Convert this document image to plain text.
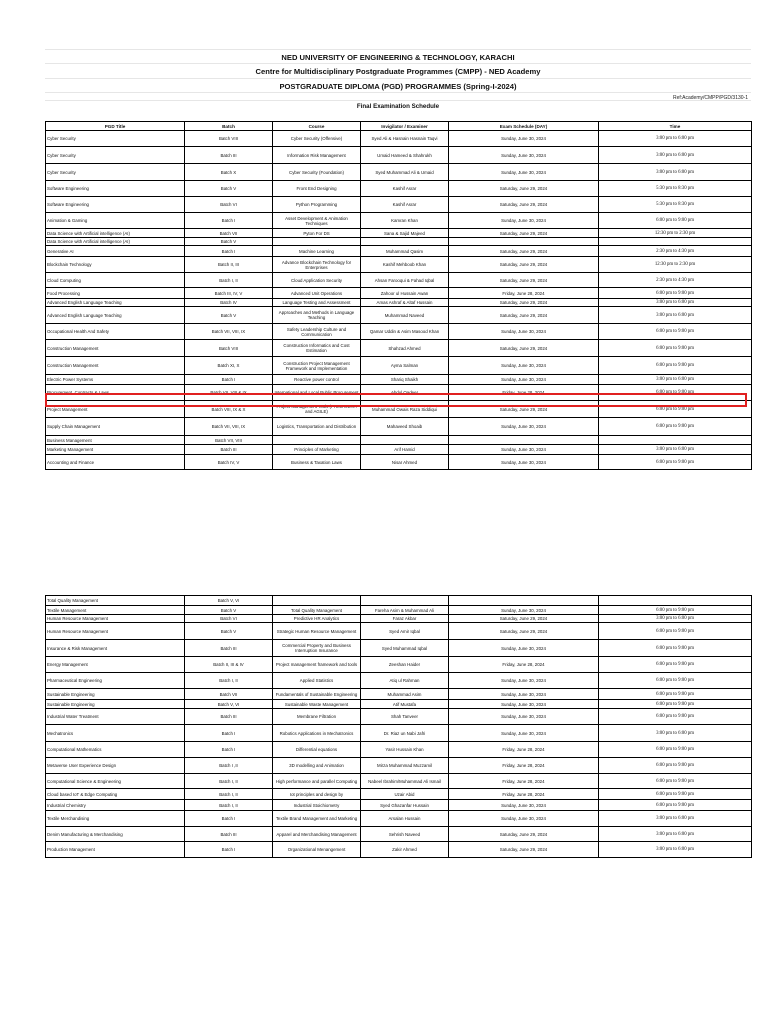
NED UNIVERSITY OF ENGINEERING & TECHNOLOGY, KARACHI
Centre for Multidisciplinary Postgraduate Programmes (CMPP) - NED Academy
POSTGRADUATE DIPLOMA (PGD) PROGRAMMES (Spring-I-2024)
Ref:Academy/CMPP/PGD/3130-1
Final Examination Schedule
PGD Title	Batch	Course	Invigilator / Examiner	Exam Schedule (DAY)	Time
Cyber Security	Batch VIII	Cyber Security (Offensive)	Syed Ali & Hasnain Hasnain Taqvi	Sunday, June 30, 2024	3:00 pm to 6:00 pm
Cyber Security	Batch III	Information Risk Management	Umaid Hameed & Shahrukh	Sunday, June 30, 2024	3:00 pm to 6:00 pm
Cyber Security	Batch X	Cyber Security (Foundation)	Syed Muhammad Ali & Umaid	Sunday, June 30, 2024	3:00 pm to 6:00 pm
Software Engineering	Batch V	Front End Designing	Kashif Asrar	Saturday, June 29, 2024	5:30 pm to 8:30 pm
Software Engineering	Batch VI	Python Programming	Kashif Asrar	Saturday, June 29, 2024	5:30 pm to 8:30 pm
Animation & Gaming	Batch I	Asset Development & Animation Techniques	Kamran Khan	Sunday, June 30, 2024	6:00 pm to 9:00 pm
Data Science with Artificial intelligence (AI)	Batch VII	Pyton For DS	Sana & Sajid Majeed	Saturday, June 29, 2024	12:30 pm to 2:30 pm
Data Science with Artificial intelligence (AI)	Batch V				
Generative AI	Batch I	Machine Learning	Muhammad Qasim	Saturday, June 29, 2024	2:30 pm to 4:30 pm
Blockchain Technology	Batch II, III	Advance Blockchain Technology for Enterprises	Kashif Mehboob Khan	Saturday, June 29, 2024	12:30 pm to 2:30 pm
Cloud Computing	Batch I, II	Cloud Application Security	Ahsan Farooqui & Fahad Iqbal	Saturday, June 29, 2024	2:30 pm to 4:30 pm
Food Processing	Batch III, IV, V	Advanced Unit Operations	Zahoor ul Hussain Awan	Friday, June 28, 2024	6:00 pm to 9:00 pm
Advanced English Language Teaching	Batch IV	Language Testing and Assessment	Amas Ashraf & Altaf Hussain	Saturday, June 29, 2024	3:00 pm to 6:00 pm
Advanced English Language Teaching	Batch V	Approaches and Methods in Language Teaching	Muhammad Naveed	Saturday, June 29, 2024	3:00 pm to 6:00 pm
Occupational Health And Safety	Batch VII, VIII, IX	Safety Leadership Culture and Communication	Qamar Uddin & Asim Masood Khan	Sunday, June 30, 2024	6:00 pm to 9:00 pm
Construction Management	Batch VIII	Construction Informatics and Cost Estimation	Shahzad Ahmed	Saturday, June 29, 2024	6:00 pm to 9:00 pm
Construction Management	Batch XI, X	Construction Project Management Framework and Implementation	Ayma Salman	Sunday, June 30, 2024	6:00 pm to 9:00 pm
Electric Power Systems	Batch I	Reactive power control	Shariq Shaikh	Sunday, June 30, 2024	3:00 pm to 6:00 pm
Procurement, Contracts & Laws	Batch VII, VIII & IX	International and Local Public Procurement	Abdul Qadeer	Friday, June 28, 2024	6:00 pm to 9:00 pm
Project Management	Batch VIII, IX & X	Project Management Tools (PRIMAVERA and AGILE)	Muhammad Owais Raza Siddiqui	Saturday, June 29, 2024	6:00 pm to 9:00 pm
Supply Chain Management	Batch VII, VIII, IX	Logistics, Transportation and Distribution	Mahaveed Shoaib	Sunday, June 30, 2024	6:00 pm to 9:00 pm
Business Management	Batch VII, VIII				
Marketing Management	Batch III	Principles of Marketing	Arif Hamid	Sunday, June 30, 2024	3:00 pm to 6:00 pm
Accounting and Finance	Batch IV, V	Business & Taxation Laws	Nisar Ahmed	Sunday, June 30, 2024	6:00 pm to 9:00 pm
Total Quality Management	Batch V, VI				
Textile Management	Batch V	Total Quality Management	Fareha Asim & Muhammad Ali	Sunday, June 30, 2024	6:00 pm to 9:00 pm
Human Resource Management	Batch VI	Predictive HR Analytics	Faraz Akbar	Saturday, June 29, 2024	3:00 pm to 6:00 pm
Human Resource Management	Batch V	Strategic Human Resource Management	Syed Amir Iqbal	Saturday, June 29, 2024	6:00 pm to 9:00 pm
Insurance & Risk Management	Batch III	Commercial Property and Business Interruption Insurance	Syed Muhammad Iqbal	Sunday, June 30, 2024	6:00 pm to 9:00 pm
Energy Management	Batch II, III & IV	Project management framework and tools	Zeeshan Haider	Friday, June 28, 2024	6:00 pm to 9:00 pm
Pharmaceutical Engineering	Batch I, II	Applied Statistics	Atiq ul Rahman	Sunday, June 30, 2024	6:00 pm to 9:00 pm
Sustainable Engineering	Batch VII	Fundamentals of Sustainable Engineering	Muhammad Asim	Sunday, June 30, 2024	6:00 pm to 9:00 pm
Sustainable Engineering	Batch V, VI	Sustainable Waste Management	Atif Mustafa	Sunday, June 30, 2024	6:00 pm to 9:00 pm
Industrial Water Treatment	Batch III	Membrane Filtration	Shah Tanveer	Sunday, June 30, 2024	6:00 pm to 9:00 pm
Mechatronics	Batch I	Robotics Applications in Mechatronics	Dr. Riaz un Nabi Jafri	Sunday, June 30, 2024	3:00 pm to 6:00 pm
Computational Mathematics	Batch I	Differential equations	Yasir Hussain Khan	Friday, June 28, 2024	6:00 pm to 9:00 pm
Metaverse User Experience Design	Batch I ,II	3D modelling and Animation	Mirza Muhammad Muzzamil	Friday, June 28, 2024	6:00 pm to 9:00 pm
Computational Science & Engineering	Batch I, II	High performance and parallel Computing	Nabeel Ibrahim/Muhammad Ali Ismail	Friday, June 28, 2024	6:00 pm to 9:00 pm
Cloud based IoT & Edge Computing	Batch I, II	Iot principles and design by	Uzair Abid	Friday, June 28, 2024	6:00 pm to 9:00 pm
Industrial Chemistry	Batch I, II	Industrial Stoichiometry	Syed Ghazanfar Hussain	Sunday, June 30, 2024	6:00 pm to 9:00 pm
Textile Merchandising	Batch I	Textile Brand Management and Marketing	Arsalan Hussain	Sunday, June 30, 2024	3:00 pm to 6:00 pm
Denim Manufacturing & Merchandising	Batch III	Apparel and Merchandising Management	Sehrish Naveed	Saturday, June 29, 2024	3:00 pm to 6:00 pm
Production Management	Batch I	Organizational Menangement	Zakir Ahmed	Saturday, June 29, 2024	3:00 pm to 6:00 pm
